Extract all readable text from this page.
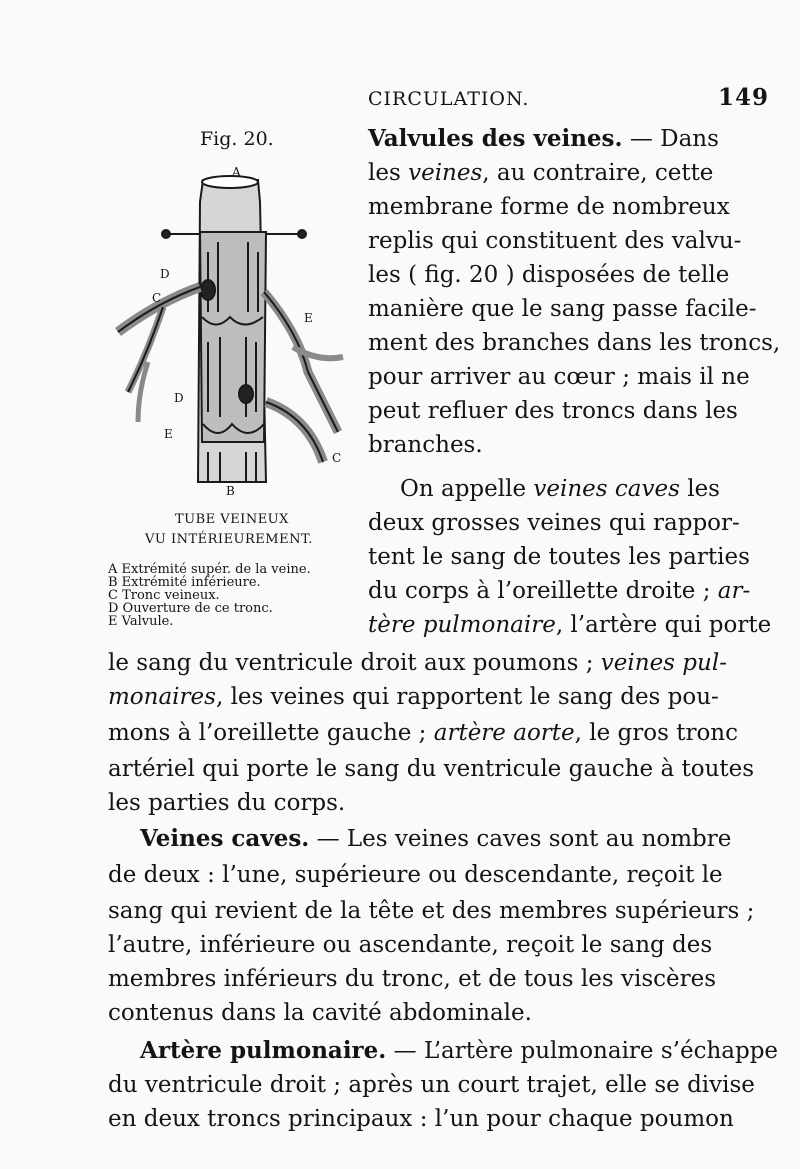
CIRCULATION.	149
Fig. 20.
A
B
C
C
D
D
E
E
TUBE VEINEUX
VU INTÉRIEUREMENT.
A Extrémité supér. de la veine.
B Extrémité inférieure.
C Tronc veineux.
D Ouverture de ce tronc.
E Valvule.
Valvules des veines. — Dans
les veines, au contraire, cette
membrane forme de nombreux
replis qui constituent des valvu-
les ( fig. 20 ) disposées de telle
manière que le sang passe facile-
ment des branches dans les troncs,
pour arriver au cœur ; mais il ne
peut refluer des troncs dans les
branches.
On appelle veines caves les
deux grosses veines qui rappor-
tent le sang de toutes les parties
du corps à l’oreillette droite ; ar-
tère pulmonaire, l’artère qui porte
le sang du ventricule droit aux poumons ; veines pul-
monaires, les veines qui rapportent le sang des pou-
mons à l’oreillette gauche ; artère aorte, le gros tronc
artériel qui porte le sang du ventricule gauche à toutes
les parties du corps.
Veines caves. — Les veines caves sont au nombre
de deux : l’une, supérieure ou descendante, reçoit le
sang qui revient de la tête et des membres supérieurs ;
l’autre, inférieure ou ascendante, reçoit le sang des
membres inférieurs du tronc, et de tous les viscères
contenus dans la cavité abdominale.
Artère pulmonaire. — L’artère pulmonaire s’échappe
du ventricule droit ; après un court trajet, elle se divise
en deux troncs principaux : l’un pour chaque poumon
